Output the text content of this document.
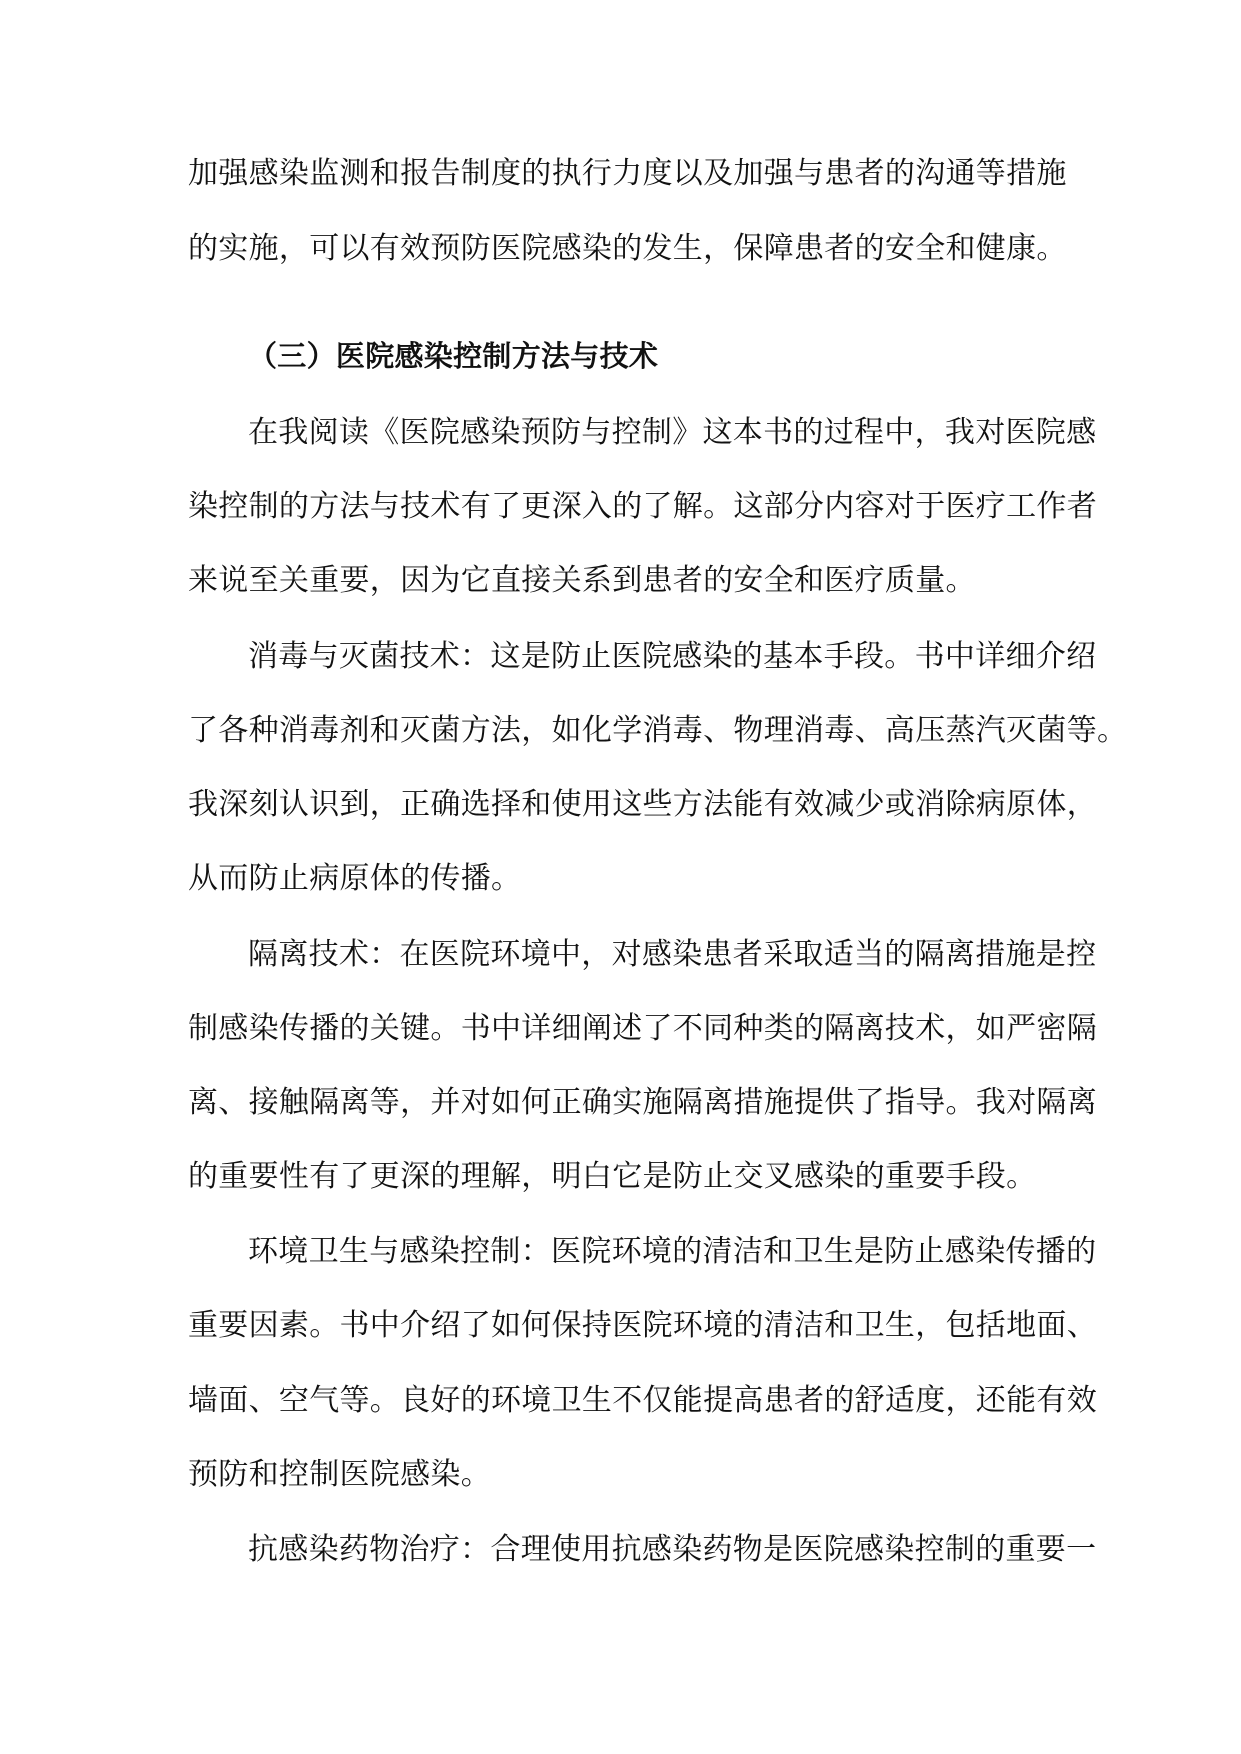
加强感染监测和报告制度的执行力度以及加强与患者的沟通等措施
的实施，可以有效预防医院感染的发生，保障患者的安全和健康。
（三）医院感染控制方法与技术
在我阅读《医院感染预防与控制》这本书的过程中，我对医院感
染控制的方法与技术有了更深入的了解。这部分内容对于医疗工作者
来说至关重要，因为它直接关系到患者的安全和医疗质量。
消毒与灭菌技术：这是防止医院感染的基本手段。书中详细介绍
了各种消毒剂和灭菌方法，如化学消毒、物理消毒、高压蒸汽灭菌等。
我深刻认识到，正确选择和使用这些方法能有效减少或消除病原体，
从而防止病原体的传播。
隔离技术：在医院环境中，对感染患者采取适当的隔离措施是控
制感染传播的关键。书中详细阐述了不同种类的隔离技术，如严密隔
离、接触隔离等，并对如何正确实施隔离措施提供了指导。我对隔离
的重要性有了更深的理解，明白它是防止交叉感染的重要手段。
环境卫生与感染控制：医院环境的清洁和卫生是防止感染传播的
重要因素。书中介绍了如何保持医院环境的清洁和卫生，包括地面、
墙面、空气等。良好的环境卫生不仅能提高患者的舒适度，还能有效
预防和控制医院感染。
抗感染药物治疗：合理使用抗感染药物是医院感染控制的重要一
